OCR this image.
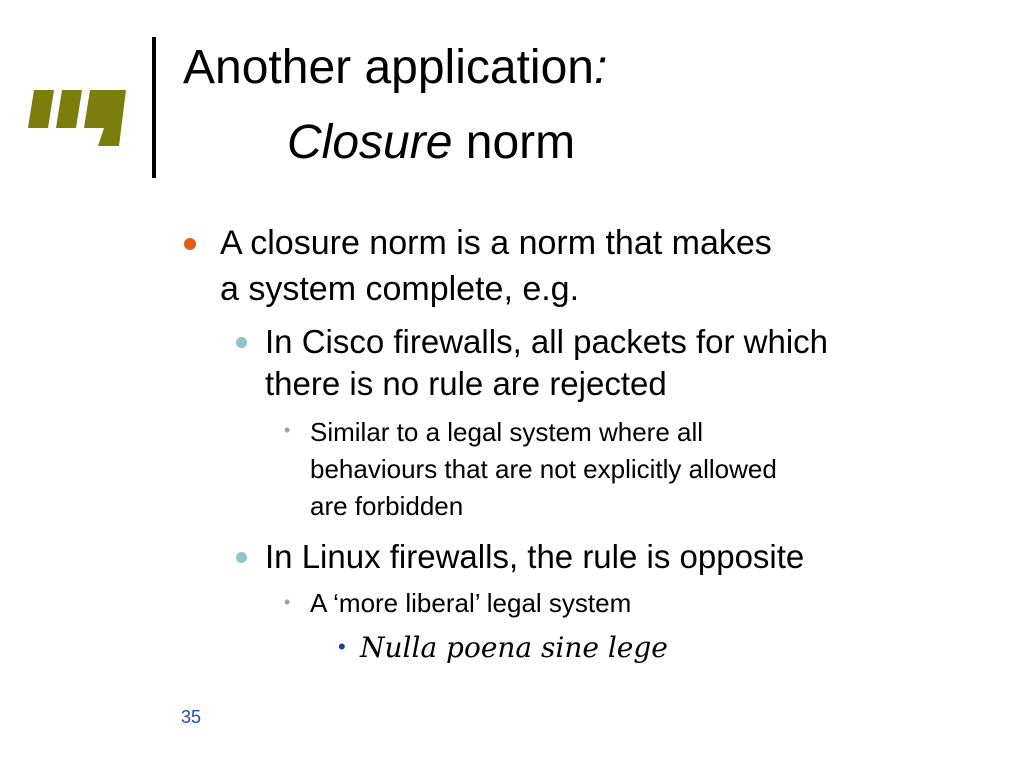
Another application:
Closure norm
A closure norm is a norm that makes
a system complete, e.g.
In Cisco firewalls, all packets for which
there is no rule are rejected
• Similar to a legal system where all
behaviours that are not explicitly allowed
are forbidden
In Linux firewalls, the rule is opposite
• A ‘more liberal’ legal system
• Nulla poena sine lege
35
